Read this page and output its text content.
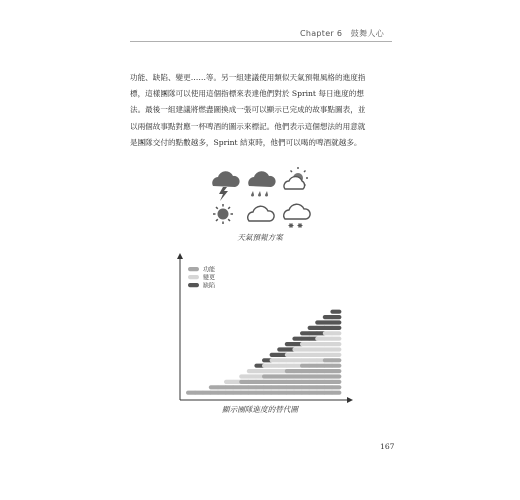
Chapter 6 鼓舞人心

功能、缺陷、變更……等。另一組建議使用類似天氣預報風格的進度指

標，這樣團隊可以使用這個指標來表達他們對於 Sprint 每日進度的想

法。最後一組建議將燃盡圖換成一張可以顯示已完成的故事點圖表，並

以兩個故事點對應一杯啤酒的圖示來標記。他們表示這個想法的用意就

是團隊交付的點數越多，Sprint 結束時，他們可以喝的啤酒就越多。

天氣預報方案
功能
變更
缺陷
顯示團隊進度的替代圖
167
